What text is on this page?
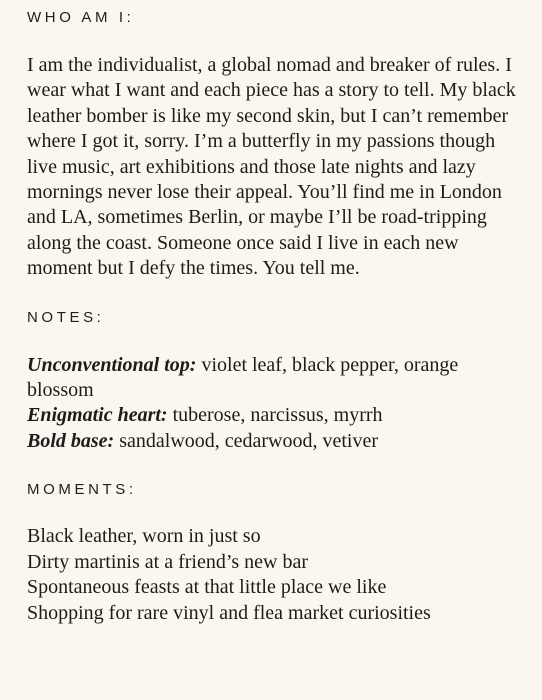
WHO AM I:

I am the individualist, a global nomad and breaker of rules. I wear what I want and each piece has a story to tell. My black leather bomber is like my second skin, but I can’t remember where I got it, sorry. I’m a butterfly in my passions though live music, art exhibitions and those late nights and lazy mornings never lose their appeal. You’ll find me in London and LA, sometimes Berlin, or maybe I’ll be road-tripping along the coast. Someone once said I live in each new moment but I defy the times. You tell me.

NOTES:
Unconventional top: violet leaf, black pepper, orange blossom
Enigmatic heart: tuberose, narcissus, myrrh
Bold base: sandalwood, cedarwood, vetiver
MOMENTS:
Black leather, worn in just so
Dirty martinis at a friend’s new bar
Spontaneous feasts at that little place we like
Shopping for rare vinyl and flea market curiosities
